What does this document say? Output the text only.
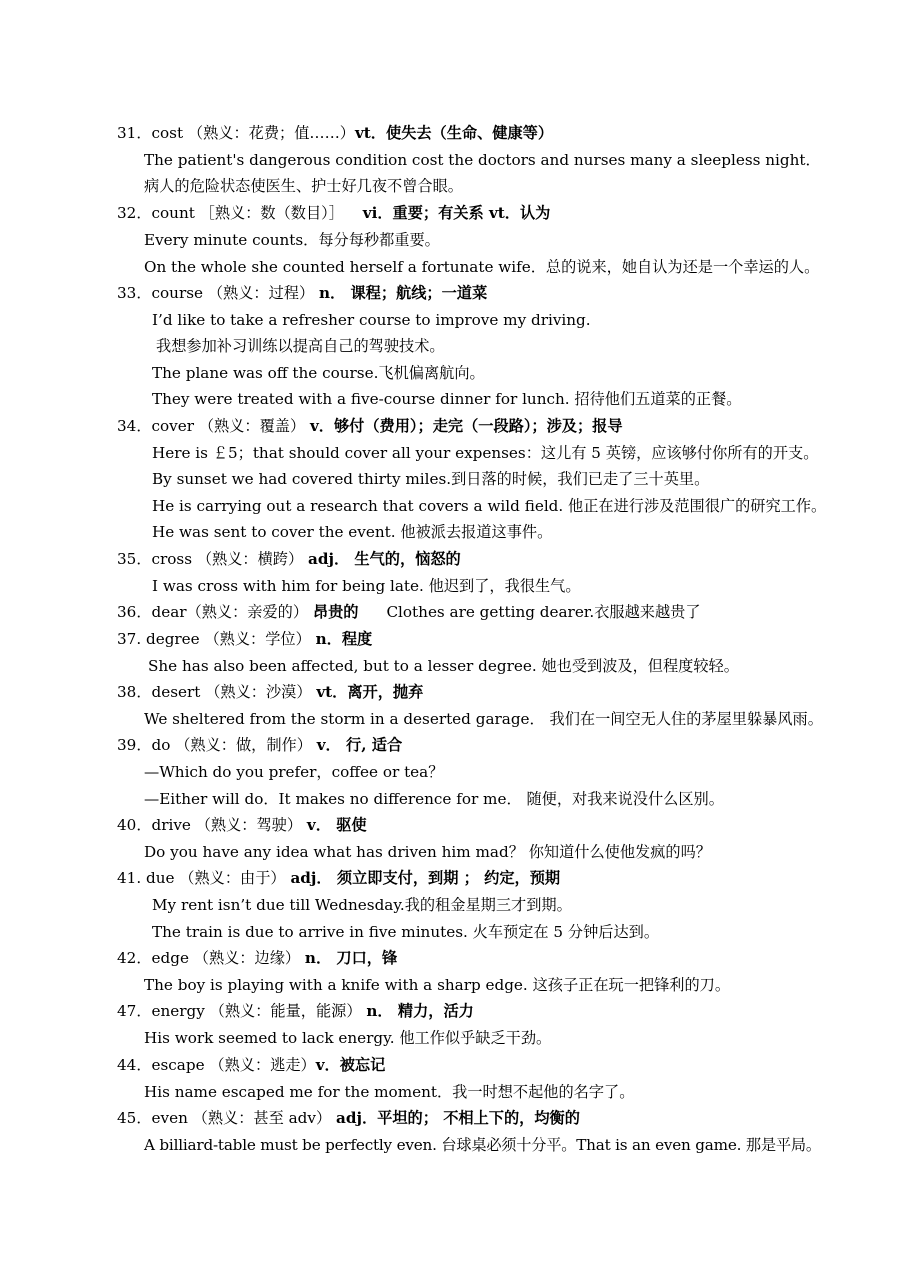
31．cost （熟义：花费；值……）vt．使失去（生命、健康等）
The patient's dangerous condition cost the doctors and nurses many a sleepless night．
病人的危险状态使医生、护士好几夜不曾合眼。
32．count ［熟义：数（数目）］ vi．重要；有关系 vt．认为
Every minute counts．每分每秒都重要。
On the whole she counted herself a fortunate wife．总的说来，她自认为还是一个幸运的人。
33．course （熟义：过程） n． 课程；航线；一道菜
I’d like to take a refresher course to improve my driving.
我想参加补习训练以提高自己的驾驶技术。
The plane was off the course.飞机偏离航向。
They were treated with a five-course dinner for lunch. 招待他们五道菜的正餐。
34．cover （熟义：覆盖） v．够付（费用）；走完（一段路）；涉及；报导
Here is ￡5；that should cover all your expenses：这儿有 5 英镑，应该够付你所有的开支。
By sunset we had covered thirty miles.到日落的时候，我们已走了三十英里。
He is carrying out a research that covers a wild field. 他正在进行涉及范围很广的研究工作。
He was sent to cover the event. 他被派去报道这事件。
35．cross （熟义：横跨） adj． 生气的，恼怒的
I was cross with him for being late. 他迟到了，我很生气。
36．dear（熟义：亲爱的） 昂贵的 Clothes are getting dearer.衣服越来越贵了
37. degree （熟义：学位） n．程度
She has also been affected, but to a lesser degree. 她也受到波及，但程度较轻。
38．desert （熟义：沙漠） vt．离开，抛弃
We sheltered from the storm in a deserted garage． 我们在一间空无人住的茅屋里躲暴风雨。
39．do （熟义：做，制作） v． 行, 适合
—Which do you prefer，coffee or tea？
—Either will do．It makes no difference for me． 随便，对我来说没什么区别。
40．drive （熟义：驾驶） v． 驱使
Do you have any idea what has driven him mad？ 你知道什么使他发疯的吗？
41. due （熟义：由于） adj． 须立即支付，到期 ； 约定，预期
My rent isn’t due till Wednesday.我的租金星期三才到期。
The train is due to arrive in five minutes. 火车预定在 5 分钟后达到。
42．edge （熟义：边缘） n． 刀口，锋
The boy is playing with a knife with a sharp edge. 这孩子正在玩一把锋利的刀。
47．energy （熟义：能量，能源） n． 精力，活力
His work seemed to lack energy. 他工作似乎缺乏干劲。
44．escape （熟义：逃走）v．被忘记
His name escaped me for the moment．我一时想不起他的名字了。
45．even （熟义：甚至 adv） adj．平坦的； 不相上下的，均衡的
A billiard-table must be perfectly even. 台球桌必须十分平。That is an even game. 那是平局。
